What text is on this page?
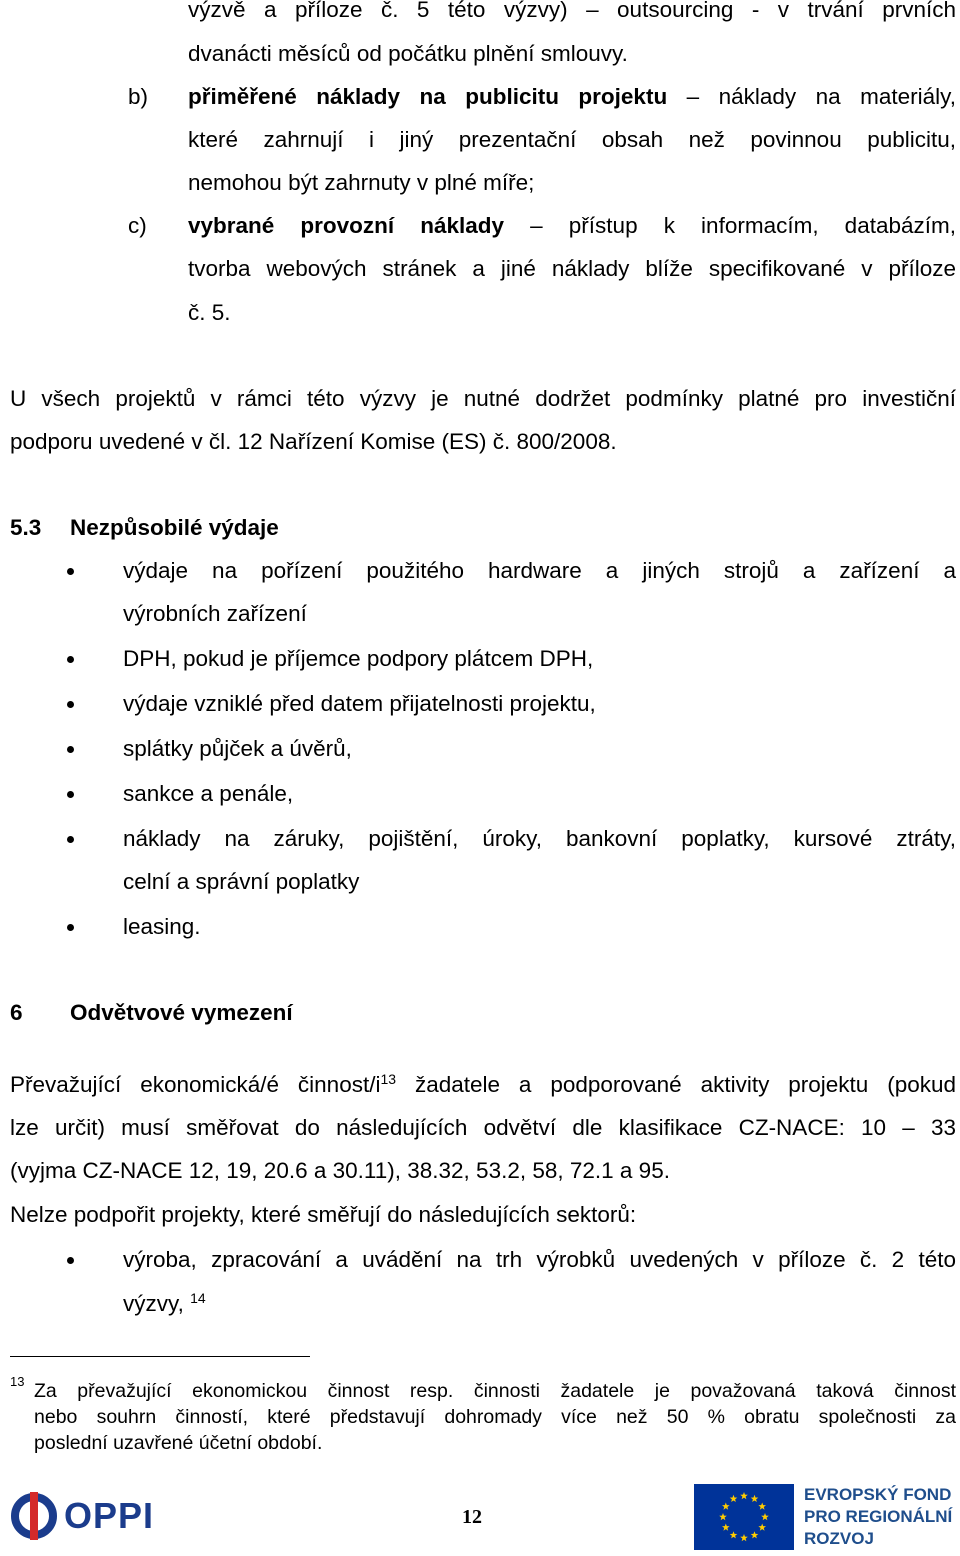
výzvě a příloze č. 5 této výzvy) – outsourcing - v trvání prvních
dvanácti měsíců od počátku plnění smlouvy.
b) přiměřené náklady na publicitu projektu – náklady na materiály,
které zahrnují i jiný prezentační obsah než povinnou publicitu,
nemohou být zahrnuty v plné míře;
c) vybrané provozní náklady – přístup k informacím, databázím,
tvorba webových stránek a jiné náklady blíže specifikované v příloze
č. 5.
U všech projektů v rámci této výzvy je nutné dodržet podmínky platné pro investiční
podporu uvedené v čl. 12 Nařízení Komise (ES) č. 800/2008.
5.3 Nezpůsobilé výdaje
výdaje na pořízení použitého hardware a jiných strojů a zařízení a
výrobních zařízení
DPH, pokud je příjemce podpory plátcem DPH,
výdaje vzniklé před datem přijatelnosti projektu,
splátky půjček a úvěrů,
sankce a penále,
náklady na záruky, pojištění, úroky, bankovní poplatky, kursové ztráty,
celní a správní poplatky
leasing.
6 Odvětvové vymezení
Převažující ekonomická/é činnost/$i^{13}$ žadatele a podporované aktivity projektu (pokud
lze určit) musí směřovat do následujících odvětví dle klasifikace CZ-NACE: 10 – 33
(vyjma CZ-NACE 12, 19, 20.6 a 30.11), 38.32, 53.2, 58, 72.1 a 95.
Nelze podpořit projekty, které směřují do následujících sektorů:
výroba, zpracování a uvádění na trh výrobků uvedených v příloze č. 2 této
výzvy, $^{14}$
13 Za převažující ekonomickou činnost resp. činnosti žadatele je považovaná taková činnost
nebo souhrn činností, které představují dohromady více než 50 % obratu společnosti za
poslední uzavřené účetní období.
OPPI	12
EVROPSKÝ FOND
PRO REGIONÁLNÍ
ROZVOJ
